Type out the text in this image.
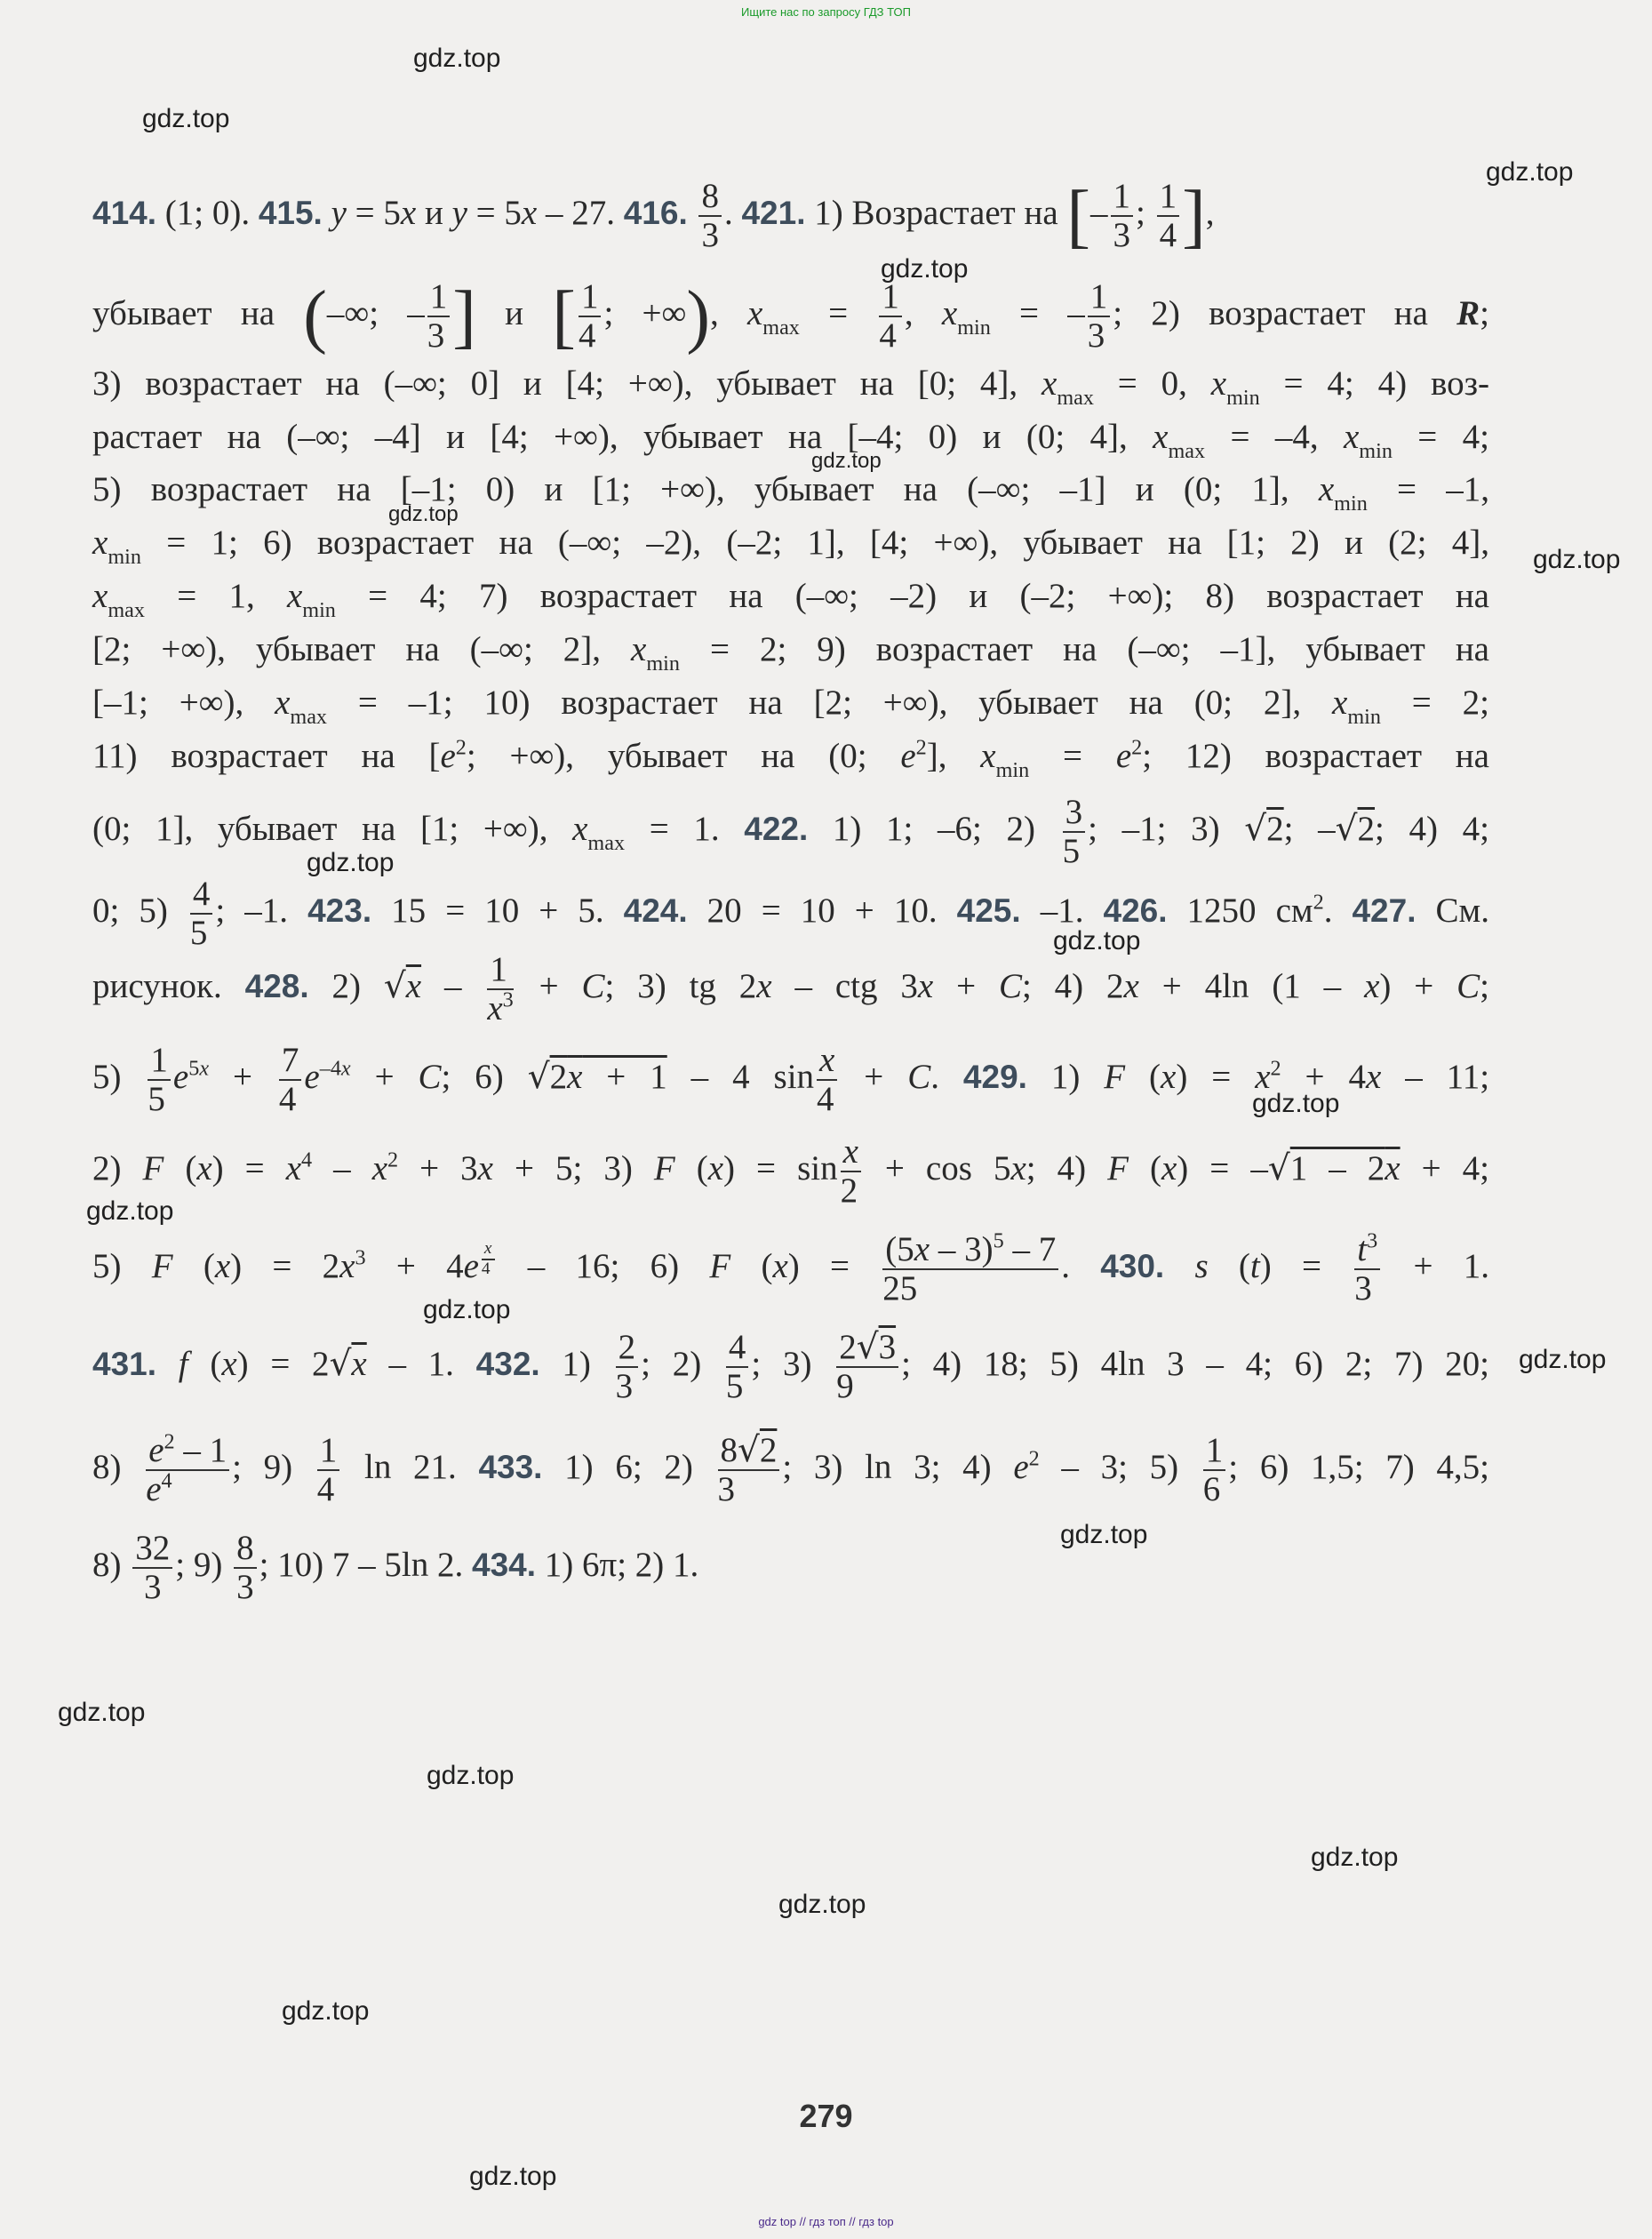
Ищите нас по запросу ГДЗ ТОП
gdz.top
gdz.top
gdz.top
gdz.top
gdz.top
gdz.top
gdz.top
gdz.top
gdz.top
gdz.top
gdz.top
gdz.top
gdz.top
gdz.top
gdz.top
gdz.top
gdz.top
gdz.top
gdz.top
gdz.top
414. (1; 0). 415. y = 5x и y = 5x – 27. 416. $\frac{8}{3}$ . 421. 1) Возрастает на [– $\frac{1}{3}$ ; $\frac{1}{4}$ ],
убывает на (–∞; – $\frac{1}{3}$ ] и [ $\frac{1}{4}$ ; +∞), $x_{max} = \frac{1}{4}$ , $x_{min}$ = – $\frac{1}{3}$ ; 2) возрастает на R;
3) возрастает на (–∞; 0] и [4; +∞), убывает на [0; 4], $x_{max} = 0$, $x_{min} = 4$; 4) воз-
растает на (–∞; –4] и [4; +∞), убывает на [–4; 0) и (0; 4], $x_{max} = -4$, $x_{min} = 4$;
5) возрастает на [–1; 0) и [1; +∞), убывает на (–∞; –1] и (0; 1], $x_{min} = -1$,
$x_{min} = 1$; 6) возрастает на (–∞; –2), (–2; 1], [4; +∞), убывает на [1; 2) и (2; 4],
$x_{max} = 1$, $x_{min} = 4$; 7) возрастает на (–∞; –2) и (–2; +∞); 8) возрастает на
[2; +∞), убывает на (–∞; 2], $x_{min} = 2$; 9) возрастает на (–∞; –1], убывает на
[–1; +∞), $x_{max} = -1$; 10) возрастает на [2; +∞), убывает на (0; 2], $x_{min} = 2$;
11) возрастает на [$e^2$; +∞), убывает на (0; $e^2$], $x_{min} = e^2$; 12) возрастает на
(0; 1], убывает на [1; +∞), $x_{max} = 1$. 422. 1) 1; –6; $2) \frac{3}{5}$ ; –1; 3) √2; –√2; 4) 4;
0; $5) \frac{4}{5}$ ; –1. 423. 15 = 10 + 5. 424. 20 = 10 + 10. 425. –1. 426. 1250 $см^2$. 427. См.
рисунок. 428. 2) $√x - \frac{1}{x^3} + C$; 3) tg 2x – ctg 3x + C; 4) 2x + 4ln (1 – x) + C;
$5) \frac{1}{5} e^{5x} + \frac{7}{4} e^{-4x} + C$; 6) √2x + 1 – 4 $\sin \frac{x}{4} + C$. 429. 1) F $(x) = x^2 + 4x - 11$;
2) F $(x) = x^4 - x^2 + 3x + 5$; 3) F $(x) = \sin \frac{x}{2} + \cos 5x$; 4) F (x) = –√1 – 2x + 4;
5) F $(x) = 2x^3 + 4e$ $^{\frac{x}{4}}$ – 16; 6) F $(x) = \frac{(5x - 3)^5 - 7}{25}$ . 430. s $(t) = \frac{t^3}{3} + 1$.
431. f (x) = 2√x – 1. 432. $1) \frac{2}{3}$ ; $2) \frac{4}{5}$ ; $3) \frac{2√3}{9}$ ; 4) 18; 5) 4ln 3 – 4; 6) 2; 7) 20;
$8) \frac{e^2 - 1}{e^4}$ ; $9) \frac{1}{4}$ ln 21. 433. 1) 6; $2) \frac{8√2}{3}$ ; 3) ln 3; 4) $e^2 - 3$; $5) \frac{1}{6}$ ; 6) 1,5; 7) 4,5;
$8) \frac{32}{3}$ ; $9) \frac{8}{3}$ ; 10) 7 – 5ln 2. 434. 1) 6π; 2) 1.
279
gdz top // гдз топ // гдз top
